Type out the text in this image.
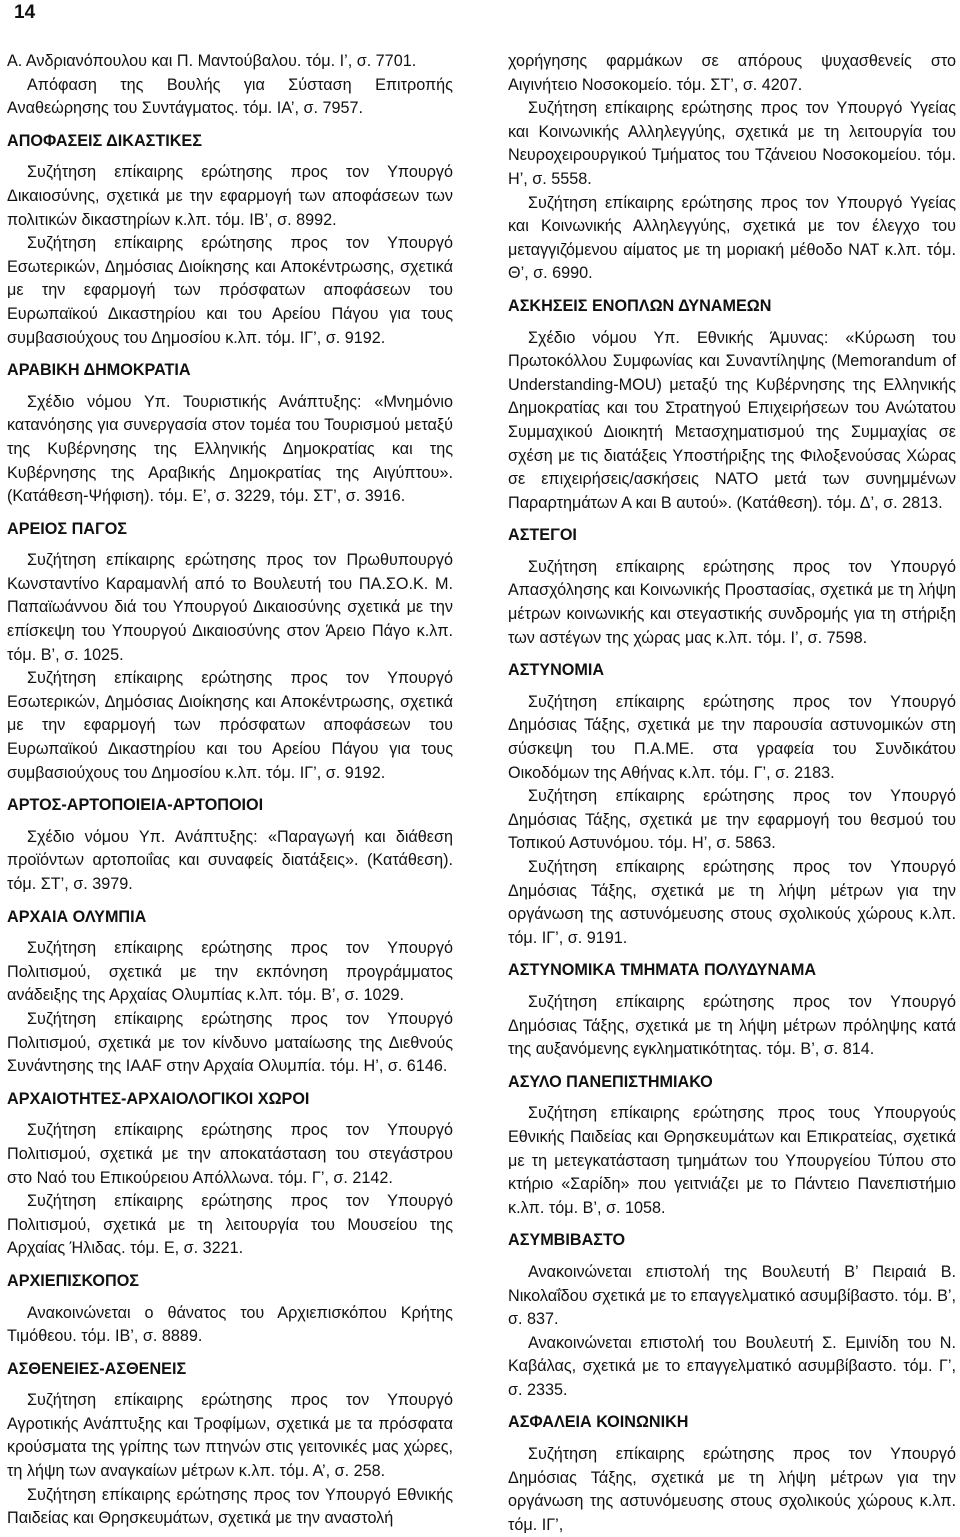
14
Α. Ανδριανόπουλου και Π. Μαντούβαλου. τόμ. Ι’, σ. 7701.
Απόφαση της Βουλής για Σύσταση Επιτροπής Αναθεώρησης του Συντάγματος. τόμ. ΙΑ’, σ. 7957.
ΑΠΟΦΑΣΕΙΣ ΔΙΚΑΣΤΙΚΕΣ
Συζήτηση επίκαιρης ερώτησης προς τον Υπουργό Δικαιοσύνης, σχετικά με την εφαρμογή των αποφάσεων των πολιτικών δικαστηρίων κ.λπ. τόμ. ΙΒ’, σ. 8992.
Συζήτηση επίκαιρης ερώτησης προς τον Υπουργό Εσωτερικών, Δημόσιας Διοίκησης και Αποκέντρωσης, σχετικά με την εφαρμογή των πρόσφατων αποφάσεων του Ευρωπαϊκού Δικαστηρίου και του Αρείου Πάγου για τους συμβασιούχους του Δημοσίου κ.λπ. τόμ. ΙΓ’, σ. 9192.
ΑΡΑΒΙΚΗ ΔΗΜΟΚΡΑΤΙΑ
Σχέδιο νόμου Υπ. Τουριστικής Ανάπτυξης: «Μνημόνιο κατανόησης για συνεργασία στον τομέα του Τουρισμού μεταξύ της Κυβέρνησης της Ελληνικής Δημοκρατίας και της Κυβέρνησης της Αραβικής Δημοκρατίας της Αιγύπτου». (Κατάθεση-Ψήφιση). τόμ. Ε’, σ. 3229, τόμ. ΣΤ’, σ. 3916.
ΑΡΕΙΟΣ ΠΑΓΟΣ
Συζήτηση επίκαιρης ερώτησης προς τον Πρωθυπουργό Κωνσταντίνο Καραμανλή από το Βουλευτή του ΠΑ.ΣΟ.Κ. Μ. Παπαϊωάννου διά του Υπουργού Δικαιοσύνης σχετικά με την επίσκεψη του Υπουργού Δικαιοσύνης στον Άρειο Πάγο κ.λπ. τόμ. Β’, σ. 1025.
Συζήτηση επίκαιρης ερώτησης προς τον Υπουργό Εσωτερικών, Δημόσιας Διοίκησης και Αποκέντρωσης, σχετικά με την εφαρμογή των πρόσφατων αποφάσεων του Ευρωπαϊκού Δικαστηρίου και του Αρείου Πάγου για τους συμβασιούχους του Δημοσίου κ.λπ. τόμ. ΙΓ’, σ. 9192.
ΑΡΤΟΣ-ΑΡΤΟΠΟΙΕΙΑ-ΑΡΤΟΠΟΙΟΙ
Σχέδιο νόμου Υπ. Ανάπτυξης: «Παραγωγή και διάθεση προϊόντων αρτοποιΐας και συναφείς διατάξεις». (Κατάθεση). τόμ. ΣΤ’, σ. 3979.
ΑΡΧΑΙΑ ΟΛΥΜΠΙΑ
Συζήτηση επίκαιρης ερώτησης προς τον Υπουργό Πολιτισμού, σχετικά με την εκπόνηση προγράμματος ανάδειξης της Αρχαίας Ολυμπίας κ.λπ. τόμ. Β’, σ. 1029.
Συζήτηση επίκαιρης ερώτησης προς τον Υπουργό Πολιτισμού, σχετικά με τον κίνδυνο ματαίωσης της Διεθνούς Συνάντησης της IAAF στην Αρχαία Ολυμπία. τόμ. Η’, σ. 6146.
ΑΡΧΑΙΟΤΗΤΕΣ-ΑΡΧΑΙΟΛΟΓΙΚΟΙ ΧΩΡΟΙ
Συζήτηση επίκαιρης ερώτησης προς τον Υπουργό Πολιτισμού, σχετικά με την αποκατάσταση του στεγάστρου στο Ναό του Επικούρειου Απόλλωνα. τόμ. Γ’, σ. 2142.
Συζήτηση επίκαιρης ερώτησης προς τον Υπουργό Πολιτισμού, σχετικά με τη λειτουργία του Μουσείου της Αρχαίας Ήλιδας. τόμ. Ε, σ. 3221.
ΑΡΧΙΕΠΙΣΚΟΠΟΣ
Ανακοινώνεται ο θάνατος του Αρχιεπισκόπου Κρήτης Τιμόθεου. τόμ. ΙΒ’, σ. 8889.
ΑΣΘΕΝΕΙΕΣ-ΑΣΘΕΝΕΙΣ
Συζήτηση επίκαιρης ερώτησης προς τον Υπουργό Αγροτικής Ανάπτυξης και Τροφίμων, σχετικά με τα πρόσφατα κρούσματα της γρίπης των πτηνών στις γειτονικές μας χώρες, τη λήψη των αναγκαίων μέτρων κ.λπ. τόμ. Α’, σ. 258.
Συζήτηση επίκαιρης ερώτησης προς τον Υπουργό Εθνικής Παιδείας και Θρησκευμάτων, σχετικά με την αναστολή
χορήγησης φαρμάκων σε απόρους ψυχασθενείς στο Αιγινήτειο Νοσοκομείο. τόμ. ΣΤ’, σ. 4207.
Συζήτηση επίκαιρης ερώτησης προς τον Υπουργό Υγείας και Κοινωνικής Αλληλεγγύης, σχετικά με τη λειτουργία του Νευροχειρουργικού Τμήματος του Τζάνειου Νοσοκομείου. τόμ. Η’, σ. 5558.
Συζήτηση επίκαιρης ερώτησης προς τον Υπουργό Υγείας και Κοινωνικής Αλληλεγγύης, σχετικά με τον έλεγχο του μεταγγιζόμενου αίματος με τη μοριακή μέθοδο NAT κ.λπ. τόμ. Θ’, σ. 6990.
ΑΣΚΗΣΕΙΣ ΕΝΟΠΛΩΝ ΔΥΝΑΜΕΩΝ
Σχέδιο νόμου Υπ. Εθνικής Άμυνας: «Κύρωση του Πρωτοκόλλου Συμφωνίας και Συναντίληψης (Memorandum of Understanding-MOU) μεταξύ της Κυβέρνησης της Ελληνικής Δημοκρατίας και του Στρατηγού Επιχειρήσεων του Ανώτατου Συμμαχικού Διοικητή Μετασχηματισμού της Συμμαχίας σε σχέση με τις διατάξεις Υποστήριξης της Φιλοξενούσας Χώρας σε επιχειρήσεις/ασκήσεις ΝΑΤΟ μετά των συνημμένων Παραρτημάτων Α και Β αυτού». (Κατάθεση). τόμ. Δ’, σ. 2813.
ΑΣΤΕΓΟΙ
Συζήτηση επίκαιρης ερώτησης προς τον Υπουργό Απασχόλησης και Κοινωνικής Προστασίας, σχετικά με τη λήψη μέτρων κοινωνικής και στεγαστικής συνδρομής για τη στήριξη των αστέγων της χώρας μας κ.λπ. τόμ. Ι’, σ. 7598.
ΑΣΤΥΝΟΜΙΑ
Συζήτηση επίκαιρης ερώτησης προς τον Υπουργό Δημόσιας Τάξης, σχετικά με την παρουσία αστυνομικών στη σύσκεψη του Π.Α.ΜΕ. στα γραφεία του Συνδικάτου Οικοδόμων της Αθήνας κ.λπ. τόμ. Γ’, σ. 2183.
Συζήτηση επίκαιρης ερώτησης προς τον Υπουργό Δημόσιας Τάξης, σχετικά με την εφαρμογή του θεσμού του Τοπικού Αστυνόμου. τόμ. Η’, σ. 5863.
Συζήτηση επίκαιρης ερώτησης προς τον Υπουργό Δημόσιας Τάξης, σχετικά με τη λήψη μέτρων για την οργάνωση της αστυνόμευσης στους σχολικούς χώρους κ.λπ. τόμ. ΙΓ’, σ. 9191.
ΑΣΤΥΝΟΜΙΚΑ ΤΜΗΜΑΤΑ ΠΟΛΥΔΥΝΑΜΑ
Συζήτηση επίκαιρης ερώτησης προς τον Υπουργό Δημόσιας Τάξης, σχετικά με τη λήψη μέτρων πρόληψης κατά της αυξανόμενης εγκληματικότητας. τόμ. Β’, σ. 814.
ΑΣΥΛΟ ΠΑΝΕΠΙΣΤΗΜΙΑΚΟ
Συζήτηση επίκαιρης ερώτησης προς τους Υπουργούς Εθνικής Παιδείας και Θρησκευμάτων και Επικρατείας, σχετικά με τη μετεγκατάσταση τμημάτων του Υπουργείου Τύπου στο κτήριο «Σαρίδη» που γειτνιάζει με το Πάντειο Πανεπιστήμιο κ.λπ. τόμ. Β’, σ. 1058.
ΑΣΥΜΒΙΒΑΣΤΟ
Ανακοινώνεται επιστολή της Βουλευτή Β’ Πειραιά Β. Νικολαΐδου σχετικά με το επαγγελματικό ασυμβίβαστο. τόμ. Β’, σ. 837.
Ανακοινώνεται επιστολή του Βουλευτή Σ. Εμινίδη του Ν. Καβάλας, σχετικά με το επαγγελματικό ασυμβίβαστο. τόμ. Γ’, σ. 2335.
ΑΣΦΑΛΕΙΑ ΚΟΙΝΩΝΙΚΗ
Συζήτηση επίκαιρης ερώτησης προς τον Υπουργό Δημόσιας Τάξης, σχετικά με τη λήψη μέτρων για την οργάνωση της αστυνόμευσης στους σχολικούς χώρους κ.λπ. τόμ. ΙΓ’,
